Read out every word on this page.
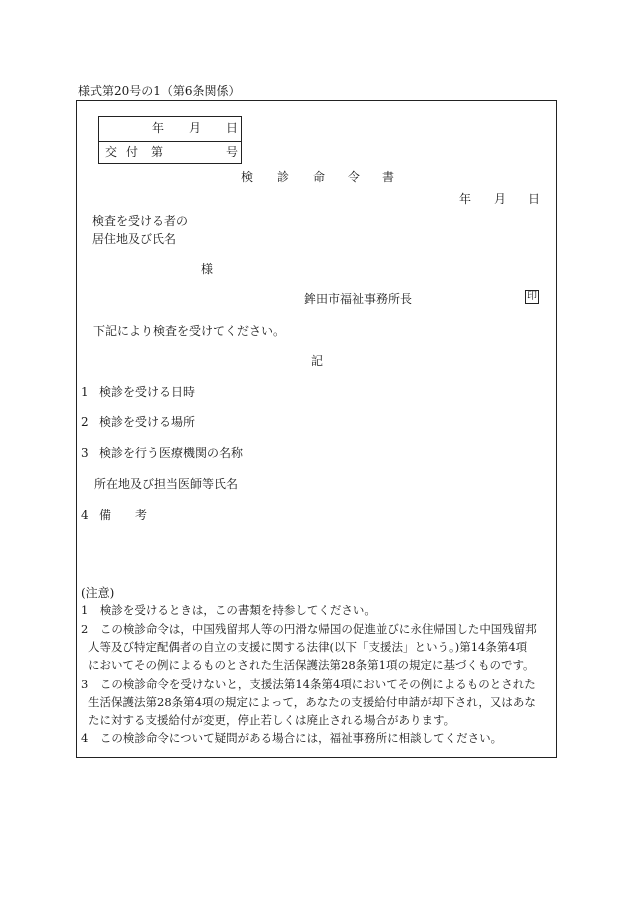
様式第20号の1（第6条関係）
年 月 日
交 付 第	号
検 診 命 令 書
年 月 日
検査を受ける者の
居住地及び氏名
様
鉾田市福祉事務所長	印
下記により検査を受けてください。
記
1 検診を受ける日時
2 検診を受ける場所
3 検診を行う医療機関の名称
所在地及び担当医師等氏名
4 備 考
(注意)
1　検診を受けるときは，この書類を持参してください。
2　この検診命令は，中国残留邦人等の円滑な帰国の促進並びに永住帰国した中国残留邦
人等及び特定配偶者の自立の支援に関する法律(以下「支援法」という。)第14条第4項
においてその例によるものとされた生活保護法第28条第1項の規定に基づくものです。
3　この検診命令を受けないと，支援法第14条第4項においてその例によるものとされた
生活保護法第28条第4項の規定によって，あなたの支援給付申請が却下され，又はあな
たに対する支援給付が変更，停止若しくは廃止される場合があります。
4　この検診命令について疑問がある場合には，福祉事務所に相談してください。
